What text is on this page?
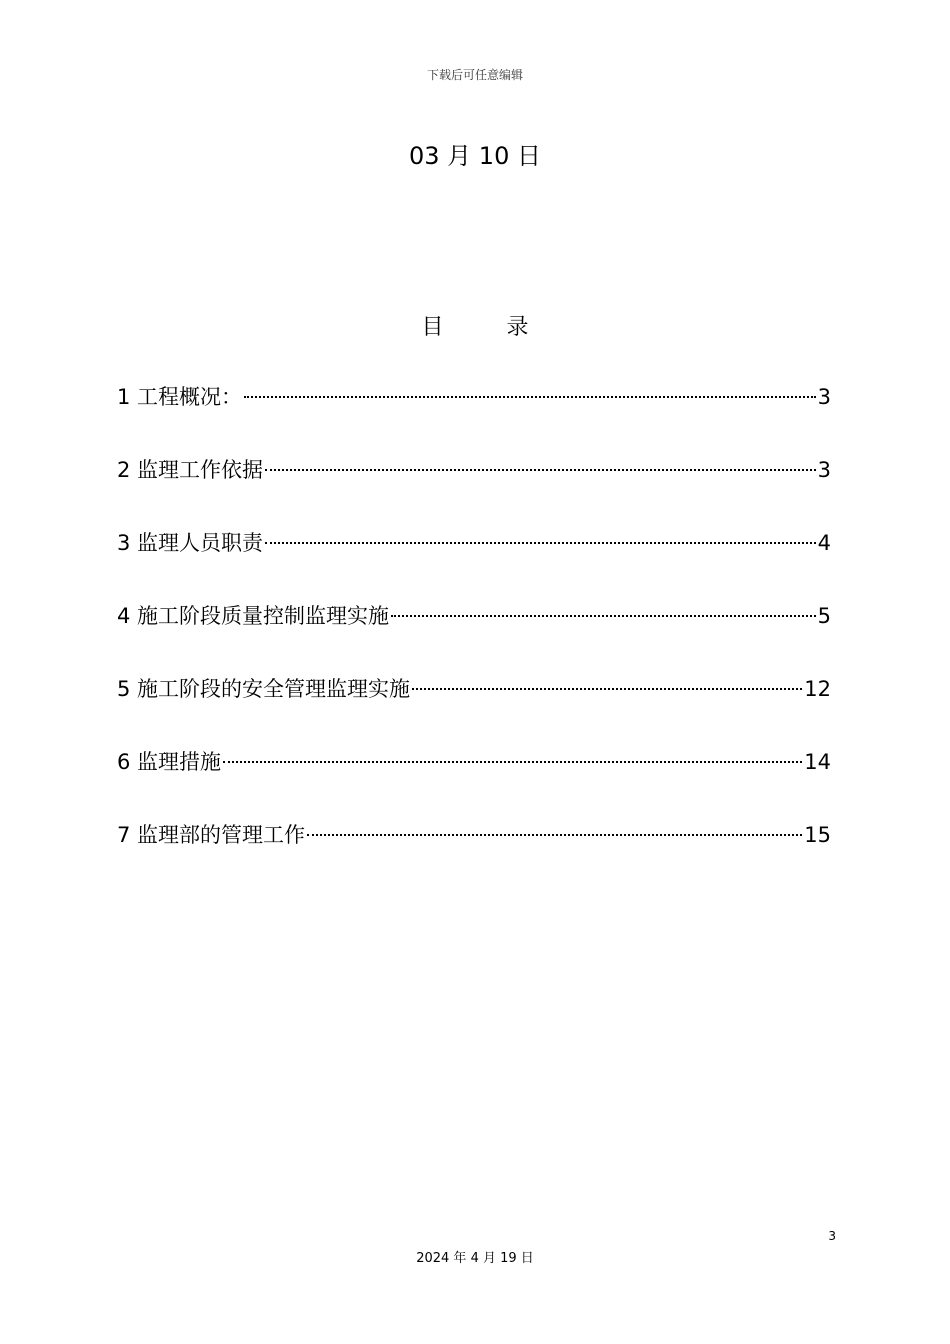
下载后可任意编辑
03 月 10 日
目 录
1 工程概况：	3
2 监理工作依据	3
3 监理人员职责	4
4 施工阶段质量控制监理实施	5
5 施工阶段的安全管理监理实施	12
6 监理措施	14
7 监理部的管理工作	15
3
2024 年 4 月 19 日
